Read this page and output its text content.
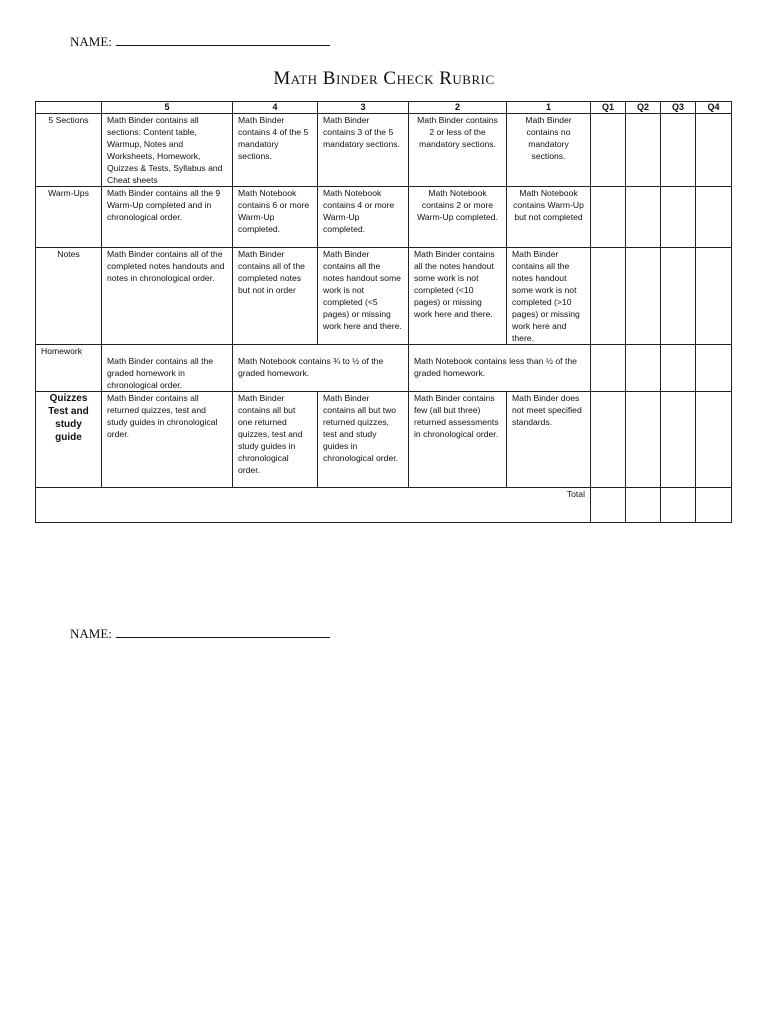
NAME:
Math Binder Check Rubric
	5	4	3	2	1	Q1	Q2	Q3	Q4
5 Sections	Math Binder contains all sections: Content table, Warmup, Notes and Worksheets, Homework, Quizzes & Tests, Syllabus and Cheat sheets	Math Binder contains 4 of the 5 mandatory sections.	Math Binder contains 3 of the 5 mandatory sections.	Math Binder contains 2 or less of the mandatory sections.	Math Binder contains no mandatory sections.				
Warm-Ups	Math Binder contains all the 9 Warm-Up completed and in chronological order.	Math Notebook contains 6 or more Warm-Up completed.	Math Notebook contains 4 or more Warm-Up completed.	Math Notebook contains 2 or more Warm-Up completed.	Math Notebook contains Warm-Up but not completed				
Notes	Math Binder contains all of the completed notes handouts and notes in chronological order.	Math Binder contains all of the completed notes but not in order	Math Binder contains all the notes handout some work is not completed (<5 pages) or missing work here and there.	Math Binder contains all the notes handout some work is not completed (<10 pages) or missing work here and there.	Math Binder contains all the notes handout some work is not completed (>10 pages) or missing work here and there.				
Homework	Math Binder contains all the graded homework in chronological order.	Math Notebook contains ¾ to ½ of the graded homework.		Math Notebook contains less than ½ of the graded homework.					
Quizzes Test and study guide	Math Binder contains all returned quizzes, test and study guides in chronological order.	Math Binder contains all but one returned quizzes, test and study guides in chronological order.	Math Binder contains all but two returned quizzes, test and study guides in chronological order.	Math Binder contains few (all but three) returned assessments in chronological order.	Math Binder does not meet specified standards.				
Total									
NAME:
